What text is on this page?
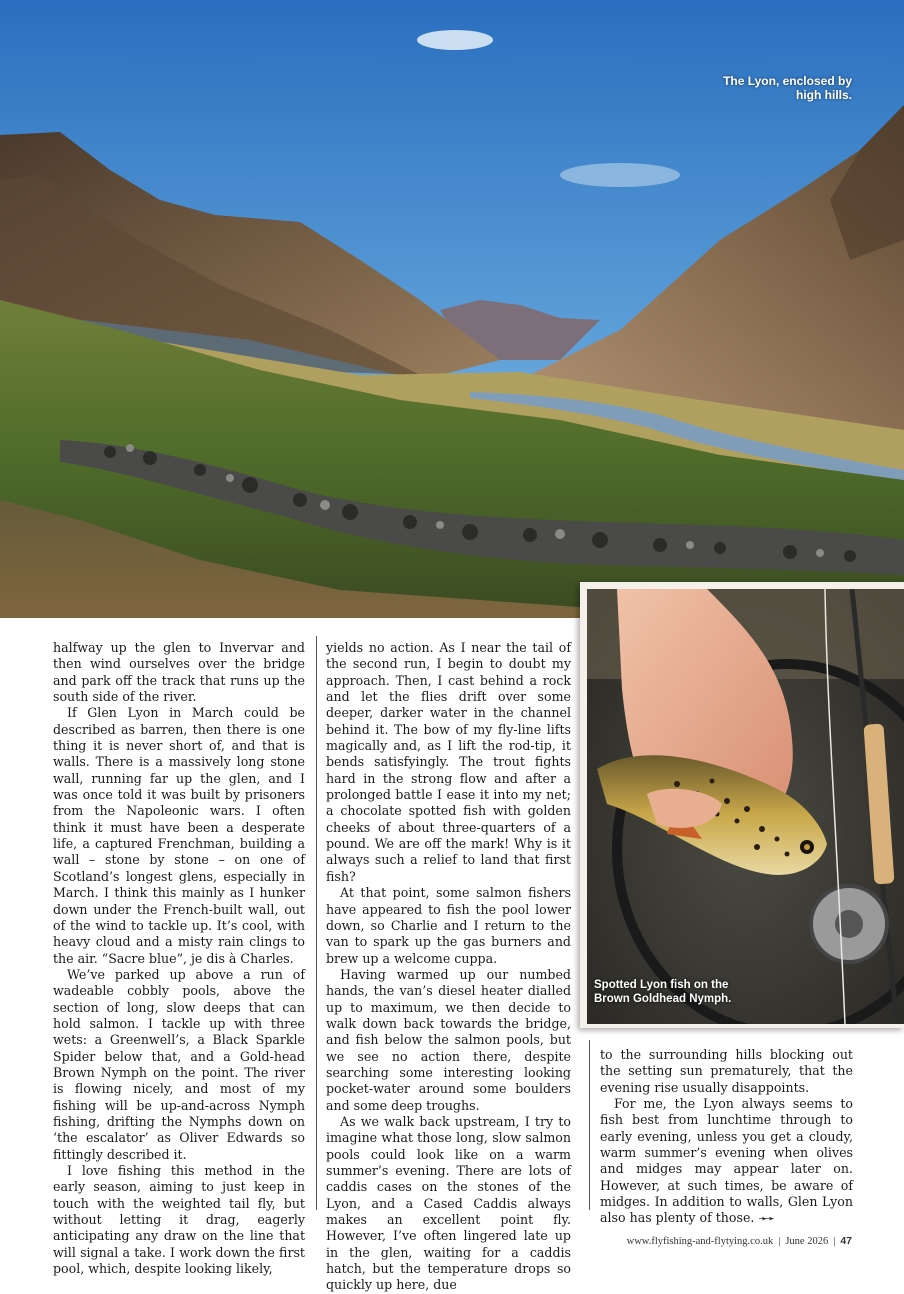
The Lyon, enclosed by high hills.
Spotted Lyon fish on the
Brown Goldhead Nymph.

halfway up the glen to Invervar and then wind ourselves over the bridge and park off the track that runs up the south side of the river.

If Glen Lyon in March could be described as barren, then there is one thing it is never short of, and that is walls. There is a massively long stone wall, running far up the glen, and I was once told it was built by prisoners from the Napoleonic wars. I often think it must have been a desperate life, a captured Frenchman, building a wall – stone by stone – on one of Scotland’s longest glens, especially in March. I think this mainly as I hunker down under the French-built wall, out of the wind to tackle up. It’s cool, with heavy cloud and a misty rain clings to the air. “Sacre blue”, je dis à Charles.

We’ve parked up above a run of wadeable cobbly pools, above the section of long, slow deeps that can hold salmon. I tackle up with three wets: a Greenwell’s, a Black Sparkle Spider below that, and a Gold-head Brown Nymph on the point. The river is flowing nicely, and most of my fishing will be up-and-across Nymph fishing, drifting the Nymphs down on ‘the escalator’ as Oliver Edwards so fittingly described it.

I love fishing this method in the early season, aiming to just keep in touch with the weighted tail fly, but without letting it drag, eagerly anticipating any draw on the line that will signal a take. I work down the first pool, which, despite looking likely,

yields no action. As I near the tail of the second run, I begin to doubt my approach. Then, I cast behind a rock and let the flies drift over some deeper, darker water in the channel behind it. The bow of my fly-line lifts magically and, as I lift the rod-tip, it bends satisfyingly. The trout fights hard in the strong flow and after a prolonged battle I ease it into my net; a chocolate spotted fish with golden cheeks of about three-quarters of a pound. We are off the mark! Why is it always such a relief to land that first fish?

At that point, some salmon fishers have appeared to fish the pool lower down, so Charlie and I return to the van to spark up the gas burners and brew up a welcome cuppa.

Having warmed up our numbed hands, the van’s diesel heater dialled up to maximum, we then decide to walk down back towards the bridge, and fish below the salmon pools, but we see no action there, despite searching some interesting looking pocket-water around some boulders and some deep troughs.

As we walk back upstream, I try to imagine what those long, slow salmon pools could look like on a warm summer’s evening. There are lots of caddis cases on the stones of the Lyon, and a Cased Caddis always makes an excellent point fly. However, I’ve often lingered late up in the glen, waiting for a caddis hatch, but the temperature drops so quickly up here, due

to the surrounding hills blocking out the setting sun prematurely, that the evening rise usually disappoints.

For me, the Lyon always seems to fish best from lunchtime through to early evening, unless you get a cloudy, warm summer’s evening when olives and midges may appear later on. However, at such times, be aware of midges. In addition to walls, Glen Lyon also has plenty of those. ➛➛

www.flyfishing-and-flytying.co.uk | June 2026 | 47
